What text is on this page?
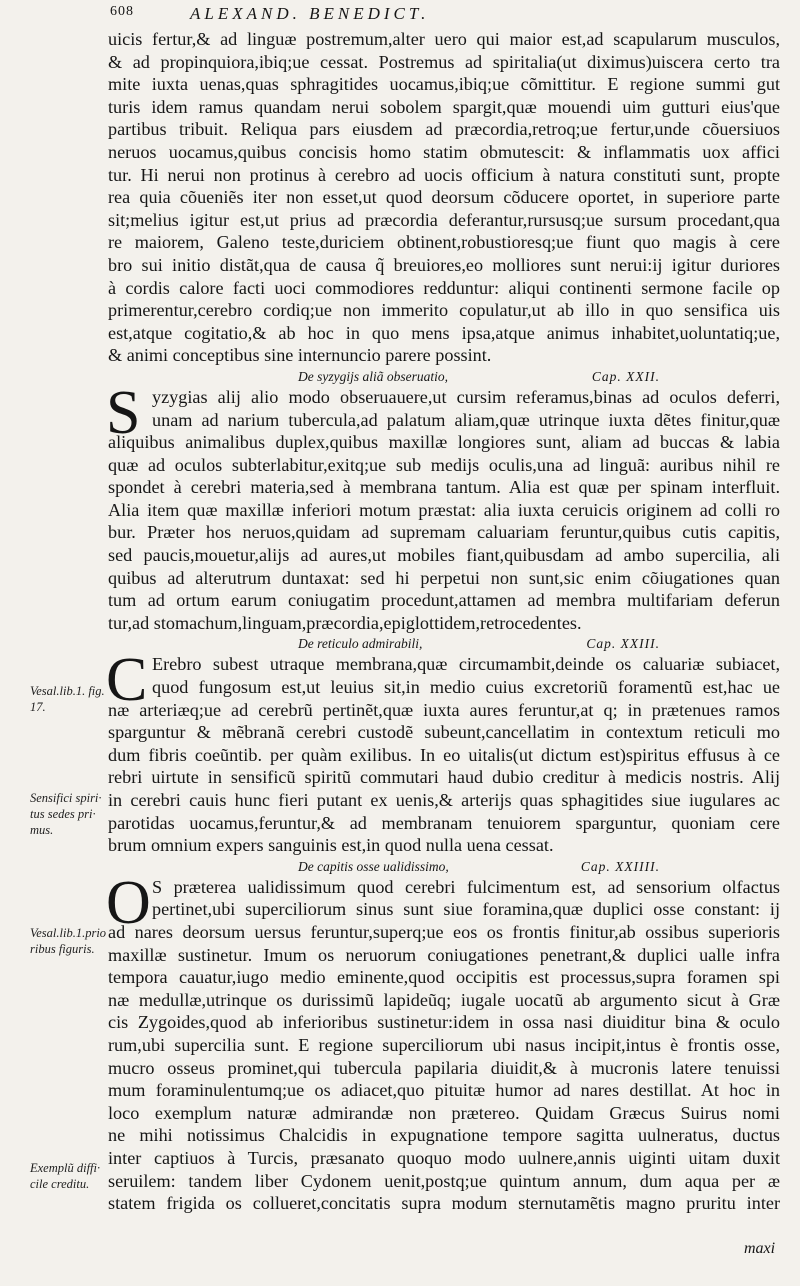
608	ALEXAND. BENEDICT.
uicis fertur,& ad linguæ postremum,alter uero qui maior est,ad scapularum musculos,
& ad propinquiora,ibiq;ue cessat. Postremus ad spiritalia(ut diximus)uiscera certo tra
mite iuxta uenas,quas sphragitides uocamus,ibiq;ue cõmittitur. E regione summi gut
turis idem ramus quandam nerui sobolem spargit,quæ mouendi uim gutturi eius'que
partibus tribuit. Reliqua pars eiusdem ad præcordia,retroq;ue fertur,unde cõuersiuos
neruos uocamus,quibus concisis homo statim obmutescit: & inflammatis uox affici
tur. Hi nerui non protinus à cerebro ad uocis officium à natura constituti sunt, propte
rea quia cõueniẽs iter non esset,ut quod deorsum cõducere oportet, in superiore parte
sit;melius igitur est,ut prius ad præcordia deferantur,rursusq;ue sursum procedant,qua
re maiorem, Galeno teste,duriciem obtinent,robustioresq;ue fiunt quo magis à cere
bro sui initio distãt,qua de causa q̃ breuiores,eo molliores sunt nerui:ij igitur duriores
à cordis calore facti uoci commodiores redduntur: aliqui continenti sermone facile op
primerentur,cerebro cordiq;ue non immerito copulatur,ut ab illo in quo sensifica uis
est,atque cogitatio,& ab hoc in quo mens ipsa,atque animus inhabitet,uoluntatiq;ue,
& animi conceptibus sine internuncio parere possint.
De syzygijs aliã obseruatio,	Cap. XXII.
S yzygias alij alio modo obseruauere,ut cursim referamus,binas ad oculos deferri,
unam ad narium tubercula,ad palatum aliam,quæ utrinque iuxta dẽtes finitur,quæ
aliquibus animalibus duplex,quibus maxillæ longiores sunt, aliam ad buccas & labia
quæ ad oculos subterlabitur,exitq;ue sub medijs oculis,una ad linguã: auribus nihil re
spondet à cerebri materia,sed à membrana tantum. Alia est quæ per spinam interfluit.
Alia item quæ maxillæ inferiori motum præstat: alia iuxta ceruicis originem ad colli ro
bur. Præter hos neruos,quidam ad supremam caluariam feruntur,quibus cutis capitis,
sed paucis,mouetur,alijs ad aures,ut mobiles fiant,quibusdam ad ambo supercilia, ali
quibus ad alterutrum duntaxat: sed hi perpetui non sunt,sic enim cõiugationes quan
tum ad ortum earum coniugatim procedunt,attamen ad membra multifariam deferun
tur,ad stomachum,linguam,præcordia,epiglottidem,retrocedentes.
De reticulo admirabili,	Cap. XXIII.
C Erebro subest utraque membrana,quæ circumambit,deinde os caluariæ subiacet,
quod fungosum est,ut leuius sit,in medio cuius excretoriũ foramentũ est,hac ue
næ arteriæq;ue ad cerebrũ pertinẽt,quæ iuxta aures feruntur,at q; in prætenues ramos
sparguntur & mẽbranã cerebri custodẽ subeunt,cancellatim in contextum reticuli mo
dum fibris coeũntib. per quàm exilibus. In eo uitalis(ut dictum est)spiritus effusus à ce
rebri uirtute in sensificũ spiritũ commutari haud dubio creditur à medicis nostris. Alij
in cerebri cauis hunc fieri putant ex uenis,& arterijs quas sphagitides siue iugulares ac
parotidas uocamus,feruntur,& ad membranam tenuiorem sparguntur, quoniam cere
brum omnium expers sanguinis est,in quod nulla uena cessat.
De capitis osse ualidissimo,	Cap. XXIIII.
O S præterea ualidissimum quod cerebri fulcimentum est, ad sensorium olfactus
pertinet,ubi superciliorum sinus sunt siue foramina,quæ duplici osse constant: ij
ad nares deorsum uersus feruntur,superq;ue eos os frontis finitur,ab ossibus superioris
maxillæ sustinetur. Imum os neruorum coniugationes penetrant,& duplici ualle infra
tempora cauatur,iugo medio eminente,quod occipitis est processus,supra foramen spi
næ medullæ,utrinque os durissimũ lapideũq; iugale uocatũ ab argumento sicut à Græ
cis Zygoides,quod ab inferioribus sustinetur:idem in ossa nasi diuiditur bina & oculo
rum,ubi supercilia sunt. E regione superciliorum ubi nasus incipit,intus è frontis osse,
mucro osseus prominet,qui tubercula papilaria diuidit,& à mucronis latere tenuissi
mum foraminulentumq;ue os adiacet,quo pituitæ humor ad nares destillat. At hoc in
loco exemplum naturæ admirandæ non prætereo. Quidam Græcus Suirus nomi
ne mihi notissimus Chalcidis in expugnatione tempore sagitta uulneratus, ductus
inter captiuos à Turcis, præsanato quoquo modo uulnere,annis uiginti uitam duxit
seruilem: tandem liber Cydonem uenit,postq;ue quintum annum, dum aqua per æ
statem frigida os collueret,concitatis supra modum sternutamẽtis magno pruritu inter
maxi
Vesal.lib.1. fig.
17.
Sensifici spiri·
tus sedes pri·
mus.
Vesal.lib.1.prio
ribus figuris.
Exemplũ diffi·
cile creditu.
